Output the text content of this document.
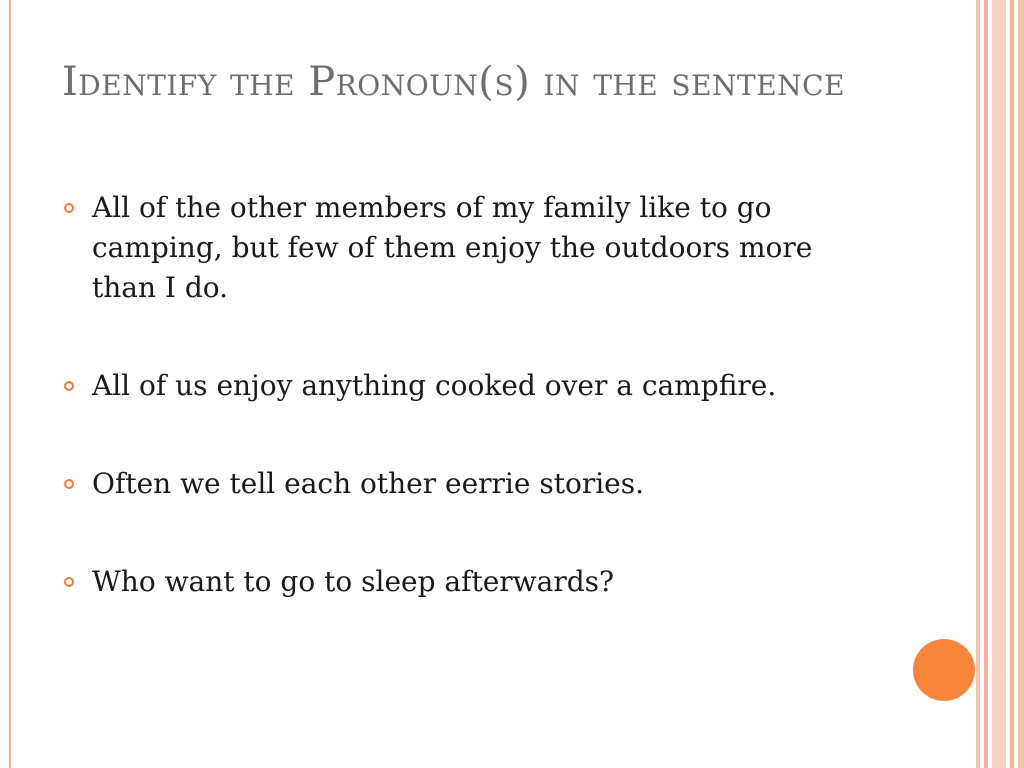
Identify the Pronoun(s) in the sentence
All of the other members of my family like to go camping, but few of them enjoy the outdoors more than I do.
All of us enjoy anything cooked over a campfire.
Often we tell each other eerrie stories.
Who want to go to sleep afterwards?
